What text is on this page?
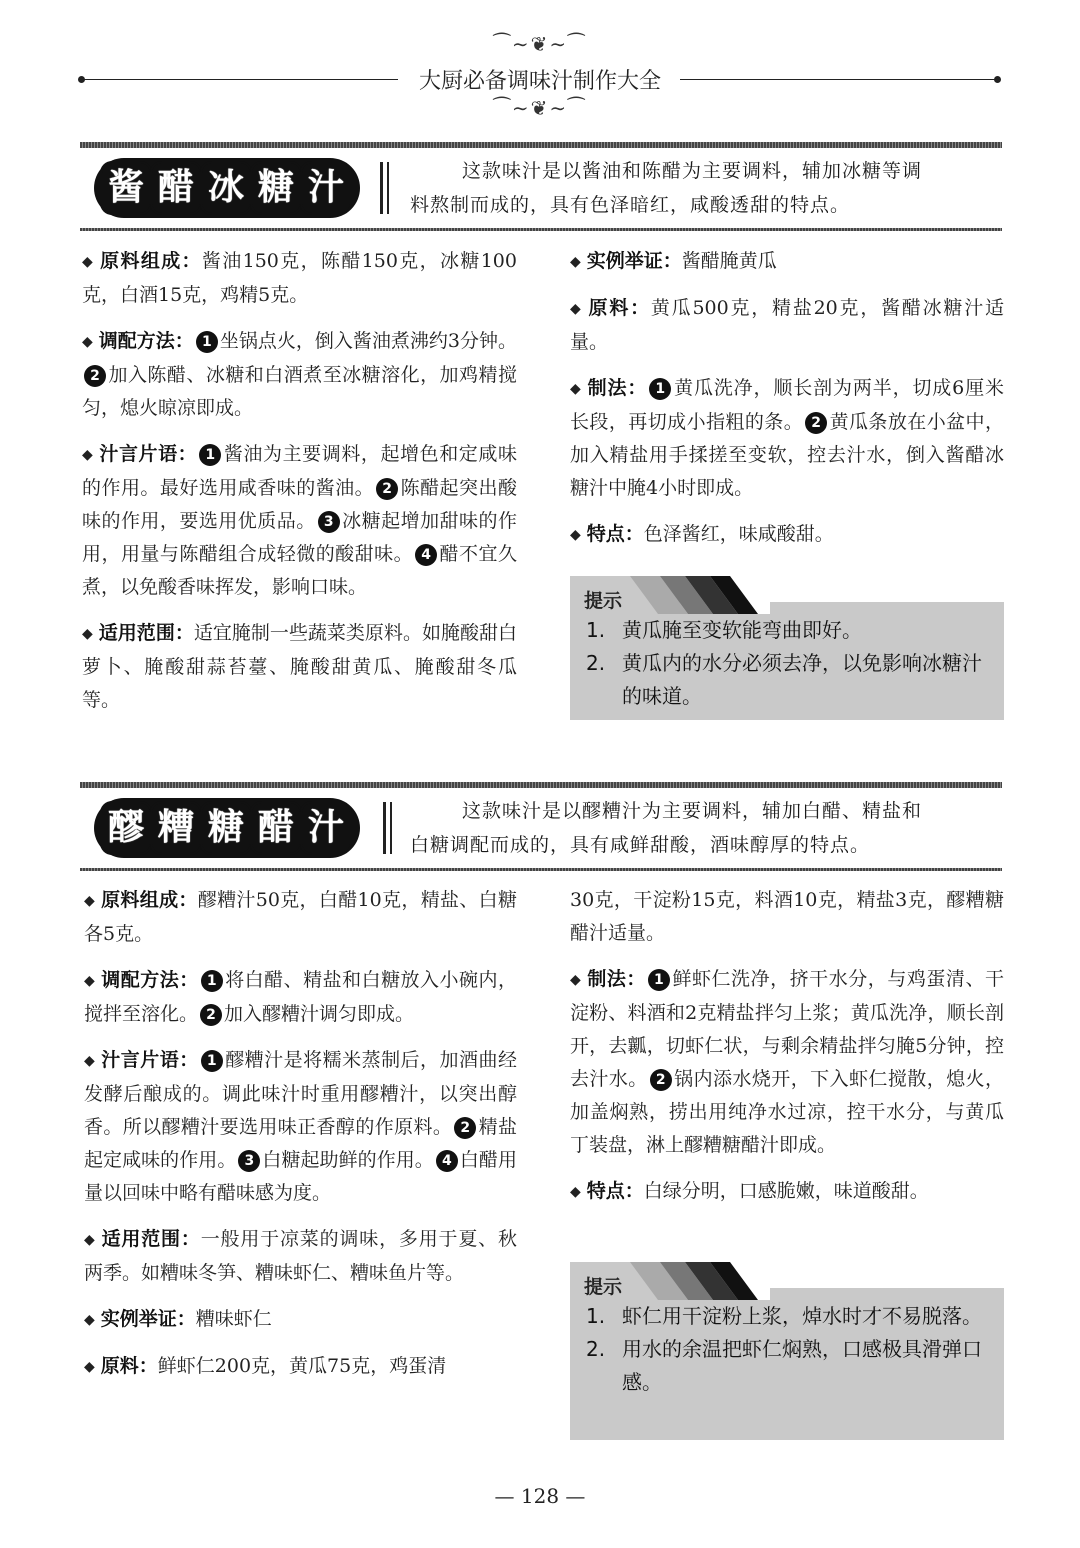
⁀∼❦∼⁀
大厨必备调味汁制作大全
⁀∼❦∼⁀
酱 醋 冰 糖 汁	这款味汁是以酱油和陈醋为主要调料，辅加冰糖等调

料熬制而成的，具有色泽暗红，咸酸透甜的特点。

◆ 原料组成：酱油150克，陈醋150克，冰糖100克，白酒15克，鸡精5克。

◆ 调配方法： 1 坐锅点火，倒入酱油煮沸约3分钟。2 加入陈醋、冰糖和白酒煮至冰糖溶化，加鸡精搅匀，熄火晾凉即成。

◆ 汁言片语： 1 酱油为主要调料，起增色和定咸味的作用。最好选用咸香味的酱油。 2 陈醋起突出酸味的作用，要选用优质品。 3 冰糖起增加甜味的作用，用量与陈醋组合成轻微的酸甜味。 4 醋不宜久煮，以免酸香味挥发，影响口味。

◆ 适用范围：适宜腌制一些蔬菜类原料。如腌酸甜白萝卜、腌酸甜蒜苔薹、腌酸甜黄瓜、腌酸甜冬瓜等。

◆ 实例举证：酱醋腌黄瓜

◆ 原料：黄瓜500克，精盐20克，酱醋冰糖汁适量。

◆ 制法： 1 黄瓜洗净，顺长剖为两半，切成6厘米长段，再切成小指粗的条。 2 黄瓜条放在小盆中，加入精盐用手揉搓至变软，控去汁水，倒入酱醋冰糖汁中腌4小时即成。

◆ 特点：色泽酱红，味咸酸甜。

提示
1. 黄瓜腌至变软能弯曲即好。
2. 黄瓜内的水分必须去净，以免影响冰糖汁的味道。
醪 糟 糖 醋 汁	这款味汁是以醪糟汁为主要调料，辅加白醋、精盐和

白糖调配而成的，具有咸鲜甜酸，酒味醇厚的特点。

◆ 原料组成：醪糟汁50克，白醋10克，精盐、白糖各5克。

◆ 调配方法： 1 将白醋、精盐和白糖放入小碗内，搅拌至溶化。 2 加入醪糟汁调匀即成。

◆ 汁言片语： 1 醪糟汁是将糯米蒸制后，加酒曲经发酵后酿成的。调此味汁时重用醪糟汁，以突出醇香。所以醪糟汁要选用味正香醇的作原料。 2 精盐起定咸味的作用。 3 白糖起助鲜的作用。 4 白醋用量以回味中略有醋味感为度。

◆ 适用范围：一般用于凉菜的调味，多用于夏、秋两季。如糟味冬笋、糟味虾仁、糟味鱼片等。

◆ 实例举证：糟味虾仁

◆ 原料：鲜虾仁200克，黄瓜75克，鸡蛋清

30克，干淀粉15克，料酒10克，精盐3克，醪糟糖醋汁适量。

◆ 制法： 1 鲜虾仁洗净，挤干水分，与鸡蛋清、干淀粉、料酒和2克精盐拌匀上浆；黄瓜洗净，顺长剖开，去瓤，切虾仁状，与剩余精盐拌匀腌5分钟，控去汁水。 2 锅内添水烧开，下入虾仁搅散，熄火，加盖焖熟，捞出用纯净水过凉，控干水分，与黄瓜丁装盘，淋上醪糟糖醋汁即成。

◆ 特点：白绿分明，口感脆嫩，味道酸甜。

提示
1. 虾仁用干淀粉上浆，焯水时才不易脱落。
2. 用水的余温把虾仁焖熟，口感极具滑弹口感。
— 128 —
